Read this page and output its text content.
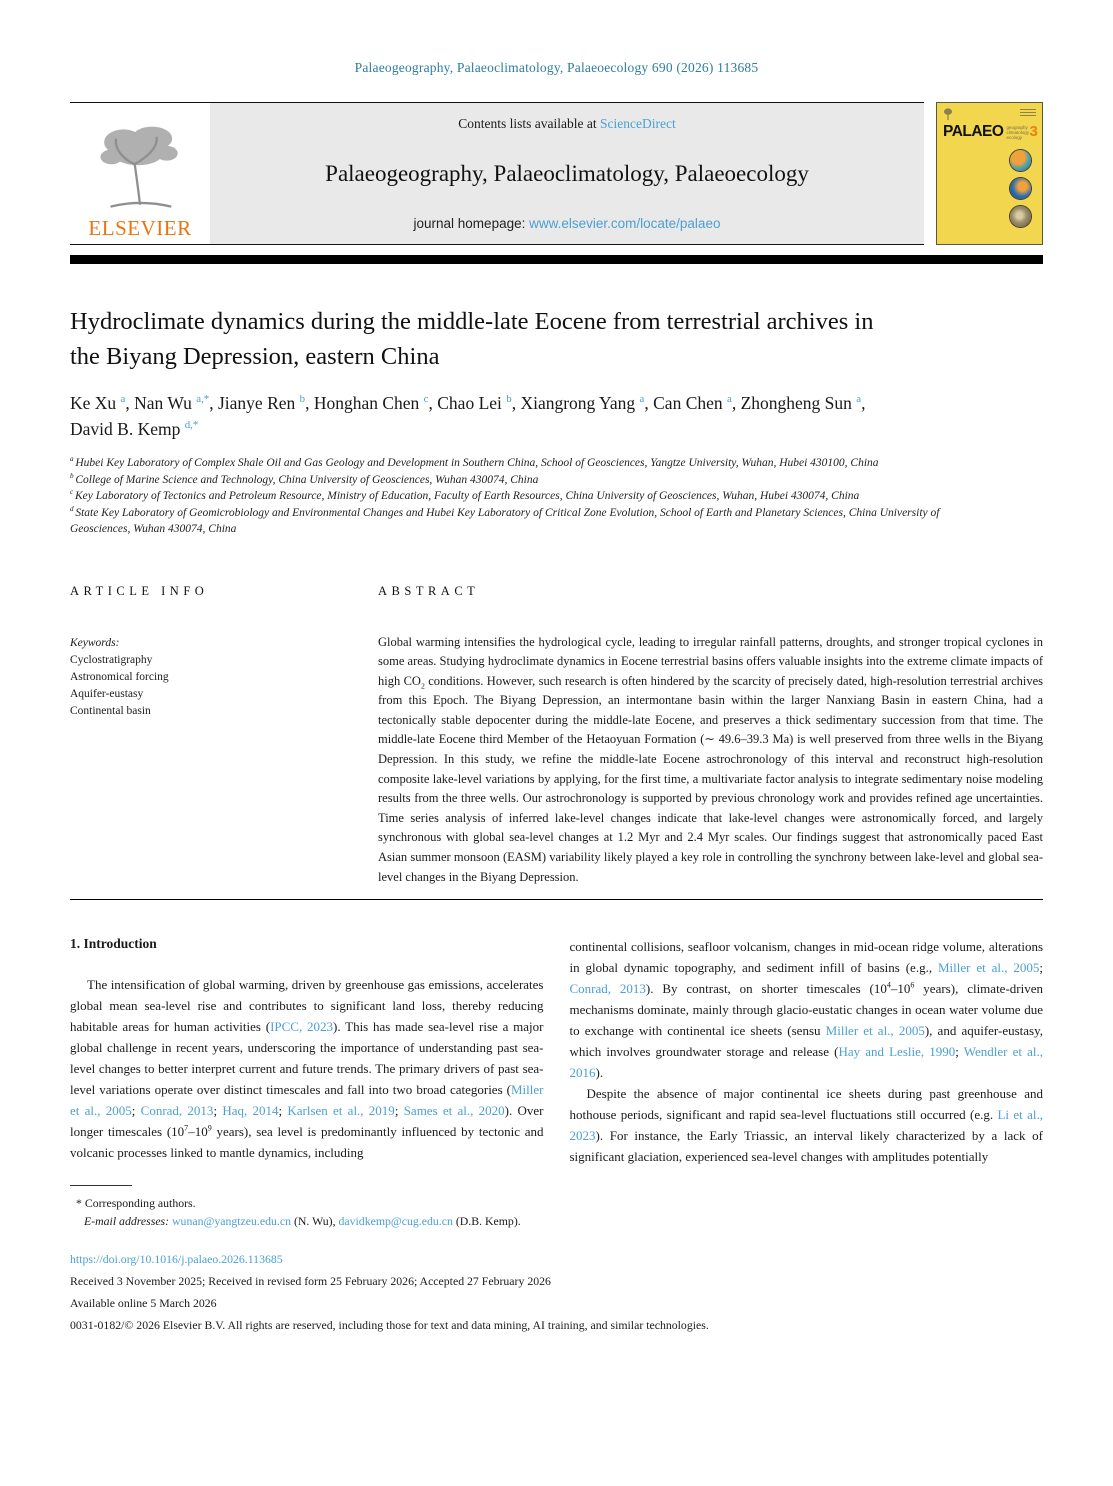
Palaeogeography, Palaeoclimatology, Palaeoecology 690 (2026) 113685
ELSEVIER
Contents lists available at ScienceDirect
Palaeogeography, Palaeoclimatology, Palaeoecology
journal homepage: www.elsevier.com/locate/palaeo
PALAEO geography climatology ecology 3
Hydroclimate dynamics during the middle-late Eocene from terrestrial archives in the Biyang Depression, eastern China
Ke Xu $^a$, Nan Wu $^{a,*}$, Jianye Ren $^b$, Honghan Chen $^c$, Chao Lei $^b$, Xiangrong Yang $^a$, Can Chen $^a$, Zhongheng Sun $^a$, David B. Kemp $^{d,*}$
$^a$ Hubei Key Laboratory of Complex Shale Oil and Gas Geology and Development in Southern China, School of Geosciences, Yangtze University, Wuhan, Hubei 430100, China
$^b$ College of Marine Science and Technology, China University of Geosciences, Wuhan 430074, China
$^c$ Key Laboratory of Tectonics and Petroleum Resource, Ministry of Education, Faculty of Earth Resources, China University of Geosciences, Wuhan, Hubei 430074, China
$^d$ State Key Laboratory of Geomicrobiology and Environmental Changes and Hubei Key Laboratory of Critical Zone Evolution, School of Earth and Planetary Sciences, China University of Geosciences, Wuhan 430074, China
ARTICLE INFO
Keywords:
Cyclostratigraphy
Astronomical forcing
Aquifer-eustasy
Continental basin
ABSTRACT

Global warming intensifies the hydrological cycle, leading to irregular rainfall patterns, droughts, and stronger tropical cyclones in some areas. Studying hydroclimate dynamics in Eocene terrestrial basins offers valuable insights into the extreme climate impacts of high $CO_2$ conditions. However, such research is often hindered by the scarcity of precisely dated, high-resolution terrestrial archives from this Epoch. The Biyang Depression, an intermontane basin within the larger Nanxiang Basin in eastern China, had a tectonically stable depocenter during the middle-late Eocene, and preserves a thick sedimentary succession from that time. The middle-late Eocene third Member of the Hetaoyuan Formation (∼ 49.6–39.3 Ma) is well preserved from three wells in the Biyang Depression. In this study, we refine the middle-late Eocene astrochronology of this interval and reconstruct high-resolution composite lake-level variations by applying, for the first time, a multivariate factor analysis to integrate sedimentary noise modeling results from the three wells. Our astrochronology is supported by previous chronology work and provides refined age uncertainties. Time series analysis of inferred lake-level changes indicate that lake-level changes were astronomically forced, and largely synchronous with global sea-level changes at 1.2 Myr and 2.4 Myr scales. Our findings suggest that astronomically paced East Asian summer monsoon (EASM) variability likely played a key role in controlling the synchrony between lake-level and global sea-level changes in the Biyang Depression.

1. Introduction

The intensification of global warming, driven by greenhouse gas emissions, accelerates global mean sea-level rise and contributes to significant land loss, thereby reducing habitable areas for human activities (IPCC, 2023). This has made sea-level rise a major global challenge in recent years, underscoring the importance of understanding past sea-level changes to better interpret current and future trends. The primary drivers of past sea-level variations operate over distinct timescales and fall into two broad categories (Miller et al., 2005; Conrad, 2013; Haq, 2014; Karlsen et al., 2019; Sames et al., 2020). Over longer timescales ($10^7-10^9$ years), sea level is predominantly influenced by tectonic and volcanic processes linked to mantle dynamics, including

continental collisions, seafloor volcanism, changes in mid-ocean ridge volume, alterations in global dynamic topography, and sediment infill of basins (e.g., Miller et al., 2005; Conrad, 2013). By contrast, on shorter timescales ($10^4-10^6$ years), climate-driven mechanisms dominate, mainly through glacio-eustatic changes in ocean water volume due to exchange with continental ice sheets (sensu Miller et al., 2005), and aquifer-eustasy, which involves groundwater storage and release (Hay and Leslie, 1990; Wendler et al., 2016).

Despite the absence of major continental ice sheets during past greenhouse and hothouse periods, significant and rapid sea-level fluctuations still occurred (e.g. Li et al., 2023). For instance, the Early Triassic, an interval likely characterized by a lack of significant glaciation, experienced sea-level changes with amplitudes potentially

* Corresponding authors.
E-mail addresses: wunan@yangtzeu.edu.cn (N. Wu), davidkemp@cug.edu.cn (D.B. Kemp).
https://doi.org/10.1016/j.palaeo.2026.113685
Received 3 November 2025; Received in revised form 25 February 2026; Accepted 27 February 2026
Available online 5 March 2026
0031-0182/© 2026 Elsevier B.V. All rights are reserved, including those for text and data mining, AI training, and similar technologies.
